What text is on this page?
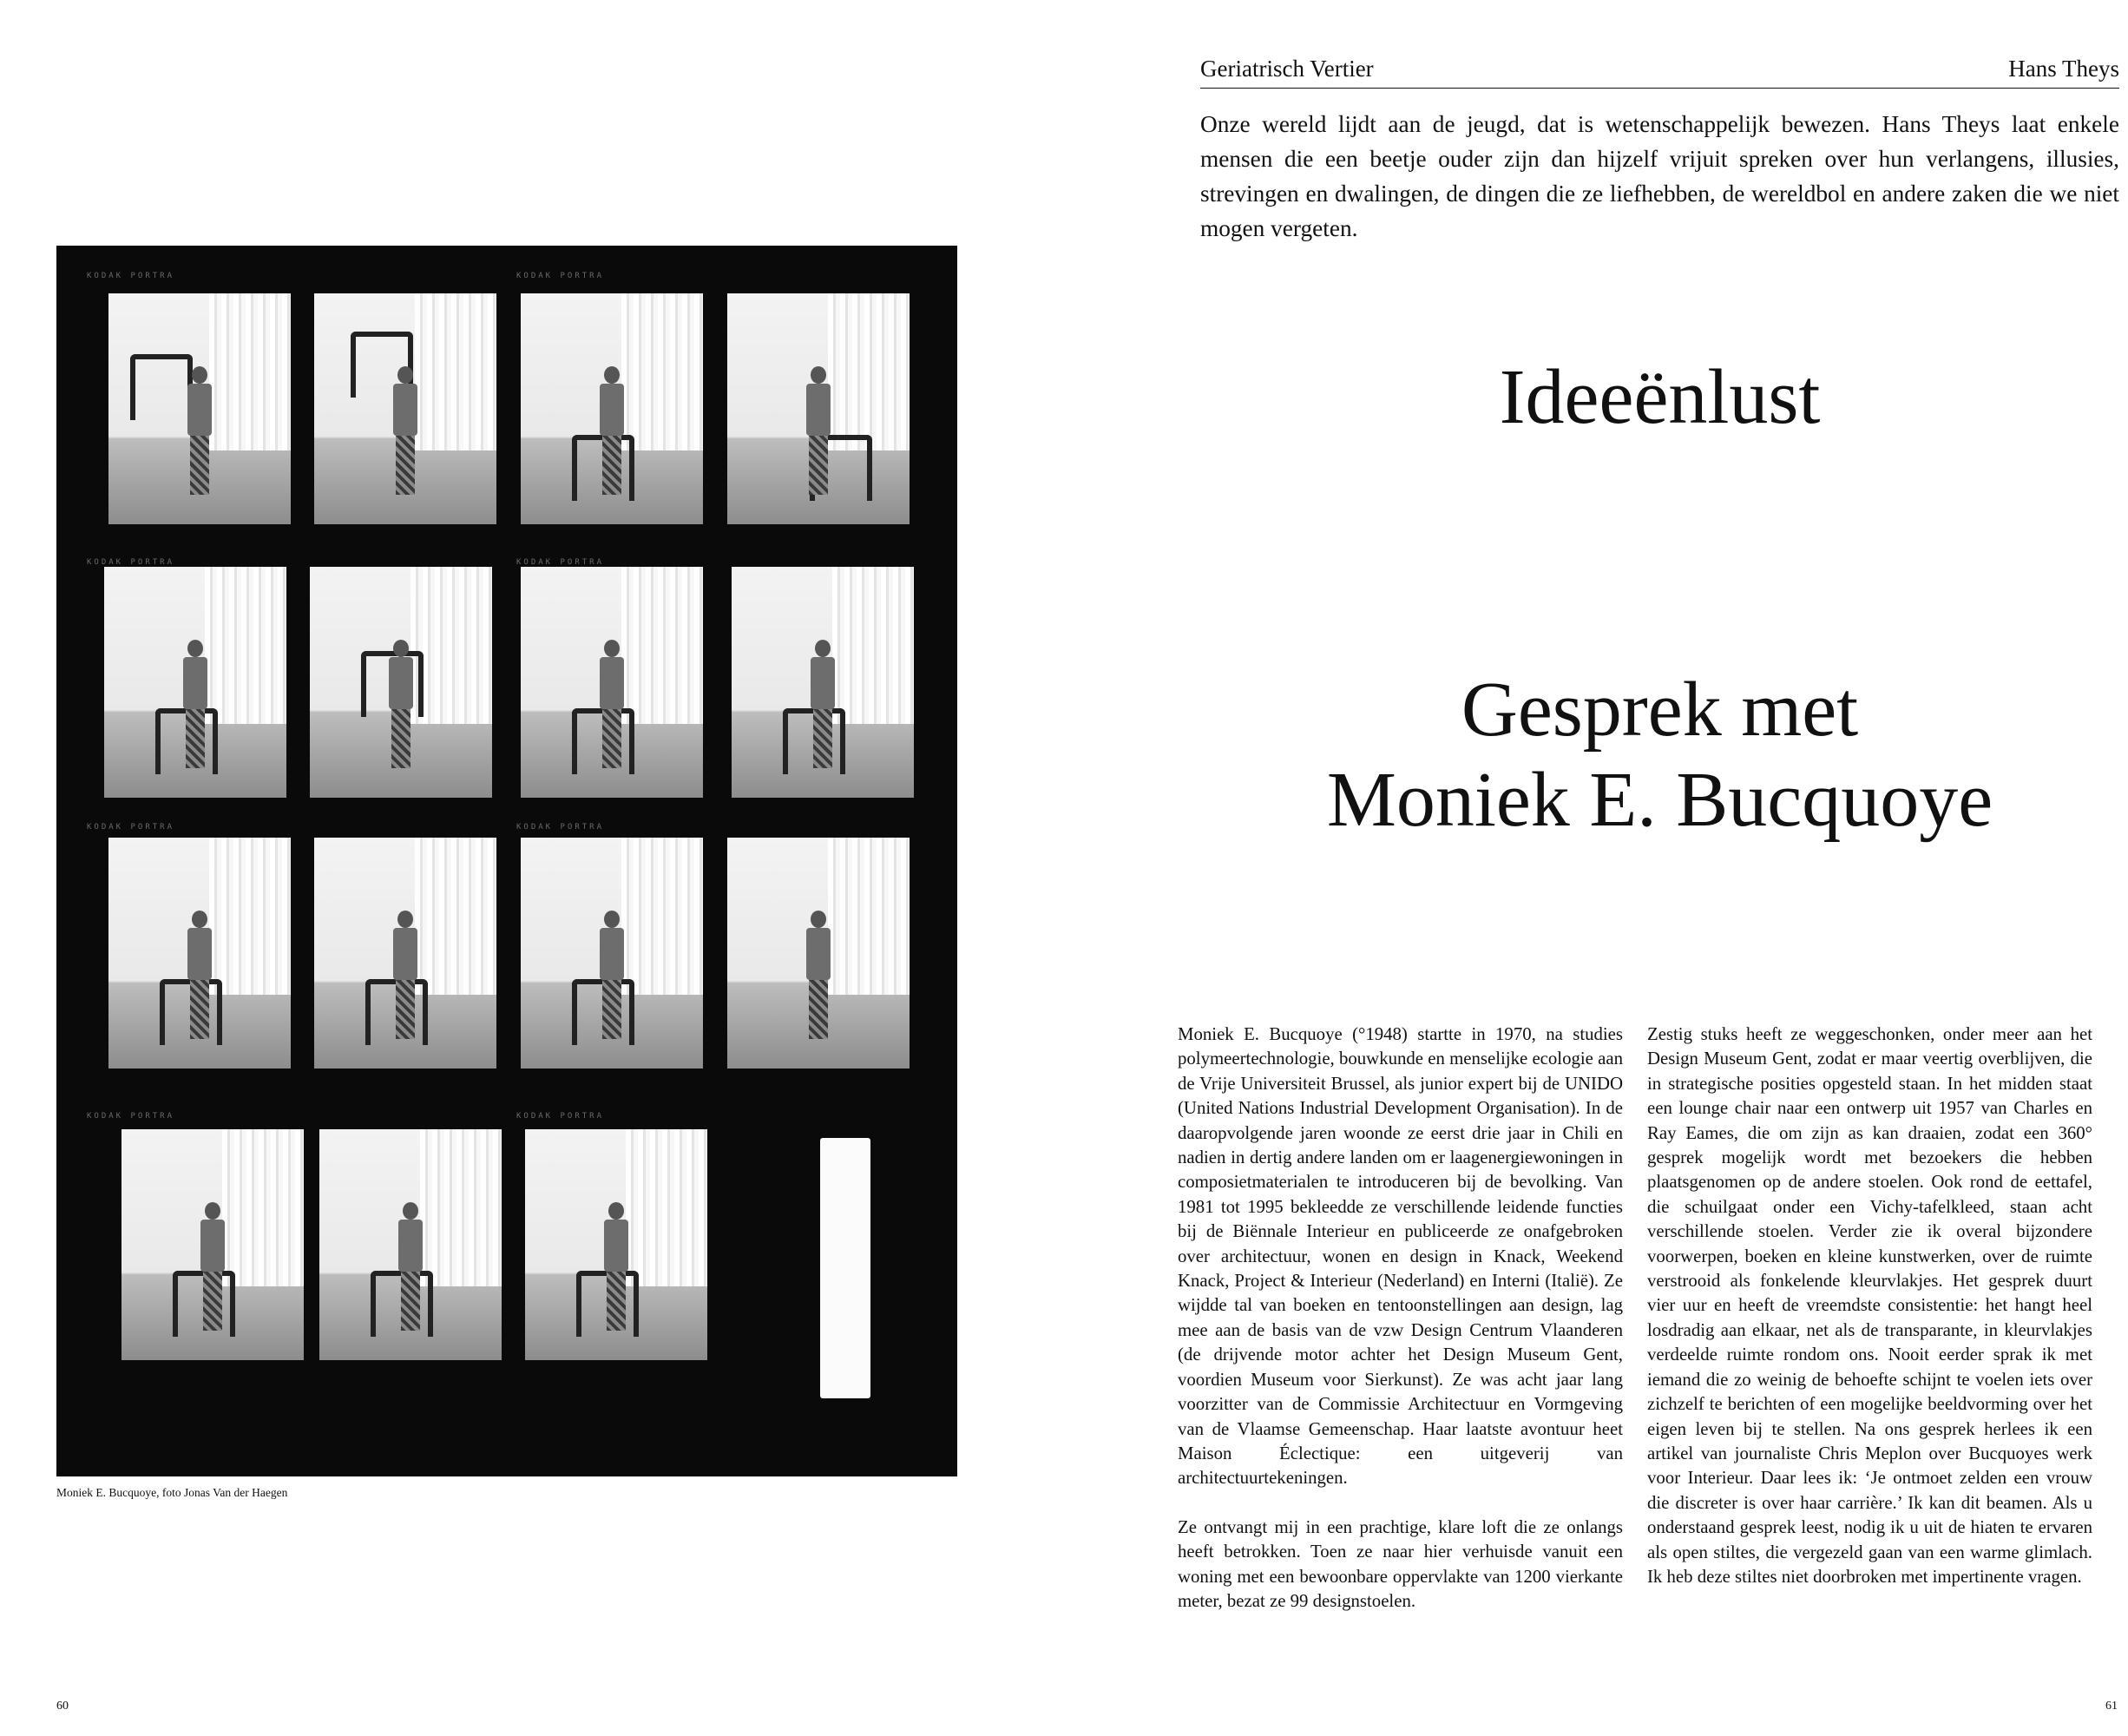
KODAK PORTRA	KODAK PORTRA
KODAK PORTRA	KODAK PORTRA
KODAK PORTRA	KODAK PORTRA
KODAK PORTRA	KODAK PORTRA
Moniek E. Bucquoye, foto Jonas Van der Haegen
60
Geriatrisch Vertier	Hans Theys
Onze wereld lijdt aan de jeugd, dat is wetenschappelijk bewezen. Hans Theys laat enkele mensen die een beetje ouder zijn dan hijzelf vrijuit spreken over hun verlangens, illusies, strevingen en dwalingen, de dingen die ze liefhebben, de wereldbol en andere zaken die we niet mogen vergeten.
Ideeënlust
Gesprek met
Moniek E. Bucquoye

Moniek E. Bucquoye (°1948) startte in 1970, na studies polymeertechnologie, bouwkunde en menselijke ecologie aan de Vrije Universiteit Brussel, als junior expert bij de UNIDO (United Nations Industrial Development Organisation). In de daaropvolgende jaren woonde ze eerst drie jaar in Chili en nadien in dertig andere landen om er laagenergiewoningen in composietmaterialen te introduceren bij de bevolking. Van 1981 tot 1995 bekleedde ze verschillende leidende functies bij de Biënnale Interieur en publiceerde ze onafgebroken over architectuur, wonen en design in Knack, Weekend Knack, Project & Interieur (Nederland) en Interni (Italië). Ze wijdde tal van boeken en tentoonstellingen aan design, lag mee aan de basis van de vzw Design Centrum Vlaanderen (de drijvende motor achter het Design Museum Gent, voordien Museum voor Sierkunst). Ze was acht jaar lang voorzitter van de Commissie Architectuur en Vormgeving van de Vlaamse Gemeenschap. Haar laatste avontuur heet Maison Éclectique: een uitgeverij van architectuurtekeningen.

Ze ontvangt mij in een prachtige, klare loft die ze onlangs heeft betrokken. Toen ze naar hier verhuisde vanuit een woning met een bewoonbare oppervlakte van 1200 vierkante meter, bezat ze 99 designstoelen.

Zestig stuks heeft ze weggeschonken, onder meer aan het Design Museum Gent, zodat er maar veertig overblijven, die in strategische posities opgesteld staan. In het midden staat een lounge chair naar een ontwerp uit 1957 van Charles en Ray Eames, die om zijn as kan draaien, zodat een 360° gesprek mogelijk wordt met bezoekers die hebben plaatsgenomen op de andere stoelen. Ook rond de eettafel, die schuilgaat onder een Vichy-tafelkleed, staan acht verschillende stoelen. Verder zie ik overal bijzondere voorwerpen, boeken en kleine kunstwerken, over de ruimte verstrooid als fonkelende kleurvlakjes. Het gesprek duurt vier uur en heeft de vreemdste consistentie: het hangt heel losdradig aan elkaar, net als de transparante, in kleurvlakjes verdeelde ruimte rondom ons. Nooit eerder sprak ik met iemand die zo weinig de behoefte schijnt te voelen iets over zichzelf te berichten of een mogelijke beeldvorming over het eigen leven bij te stellen. Na ons gesprek herlees ik een artikel van journaliste Chris Meplon over Bucquoyes werk voor Interieur. Daar lees ik: ‘Je ontmoet zelden een vrouw die discreter is over haar carrière.’ Ik kan dit beamen. Als u onderstaand gesprek leest, nodig ik u uit de hiaten te ervaren als open stiltes, die vergezeld gaan van een warme glimlach. Ik heb deze stiltes niet doorbroken met impertinente vragen.

61
